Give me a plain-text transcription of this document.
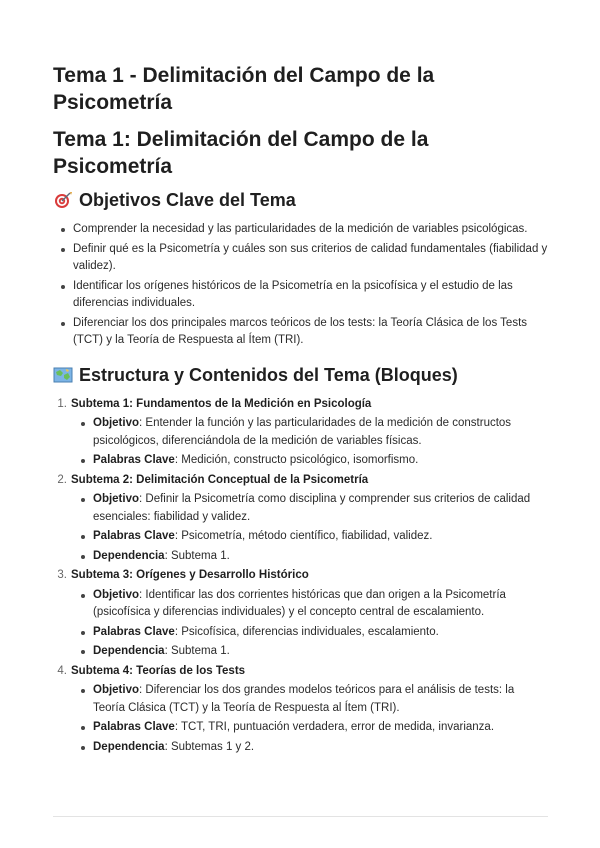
Tema 1 - Delimitación del Campo de la Psicometría
Tema 1: Delimitación del Campo de la Psicometría
Objetivos Clave del Tema
Comprender la necesidad y las particularidades de la medición de variables psicológicas.
Definir qué es la Psicometría y cuáles son sus criterios de calidad fundamentales (fiabilidad y validez).
Identificar los orígenes históricos de la Psicometría en la psicofísica y el estudio de las diferencias individuales.
Diferenciar los dos principales marcos teóricos de los tests: la Teoría Clásica de los Tests (TCT) y la Teoría de Respuesta al Ítem (TRI).
Estructura y Contenidos del Tema (Bloques)
1. Subtema 1: Fundamentos de la Medición en Psicología
Objetivo: Entender la función y las particularidades de la medición de constructos psicológicos, diferenciándola de la medición de variables físicas.
Palabras Clave: Medición, constructo psicológico, isomorfismo.
2. Subtema 2: Delimitación Conceptual de la Psicometría
Objetivo: Definir la Psicometría como disciplina y comprender sus criterios de calidad esenciales: fiabilidad y validez.
Palabras Clave: Psicometría, método científico, fiabilidad, validez.
Dependencia: Subtema 1.
3. Subtema 3: Orígenes y Desarrollo Histórico
Objetivo: Identificar las dos corrientes históricas que dan origen a la Psicometría (psicofísica y diferencias individuales) y el concepto central de escalamiento.
Palabras Clave: Psicofísica, diferencias individuales, escalamiento.
Dependencia: Subtema 1.
4. Subtema 4: Teorías de los Tests
Objetivo: Diferenciar los dos grandes modelos teóricos para el análisis de tests: la Teoría Clásica (TCT) y la Teoría de Respuesta al Ítem (TRI).
Palabras Clave: TCT, TRI, puntuación verdadera, error de medida, invarianza.
Dependencia: Subtemas 1 y 2.
